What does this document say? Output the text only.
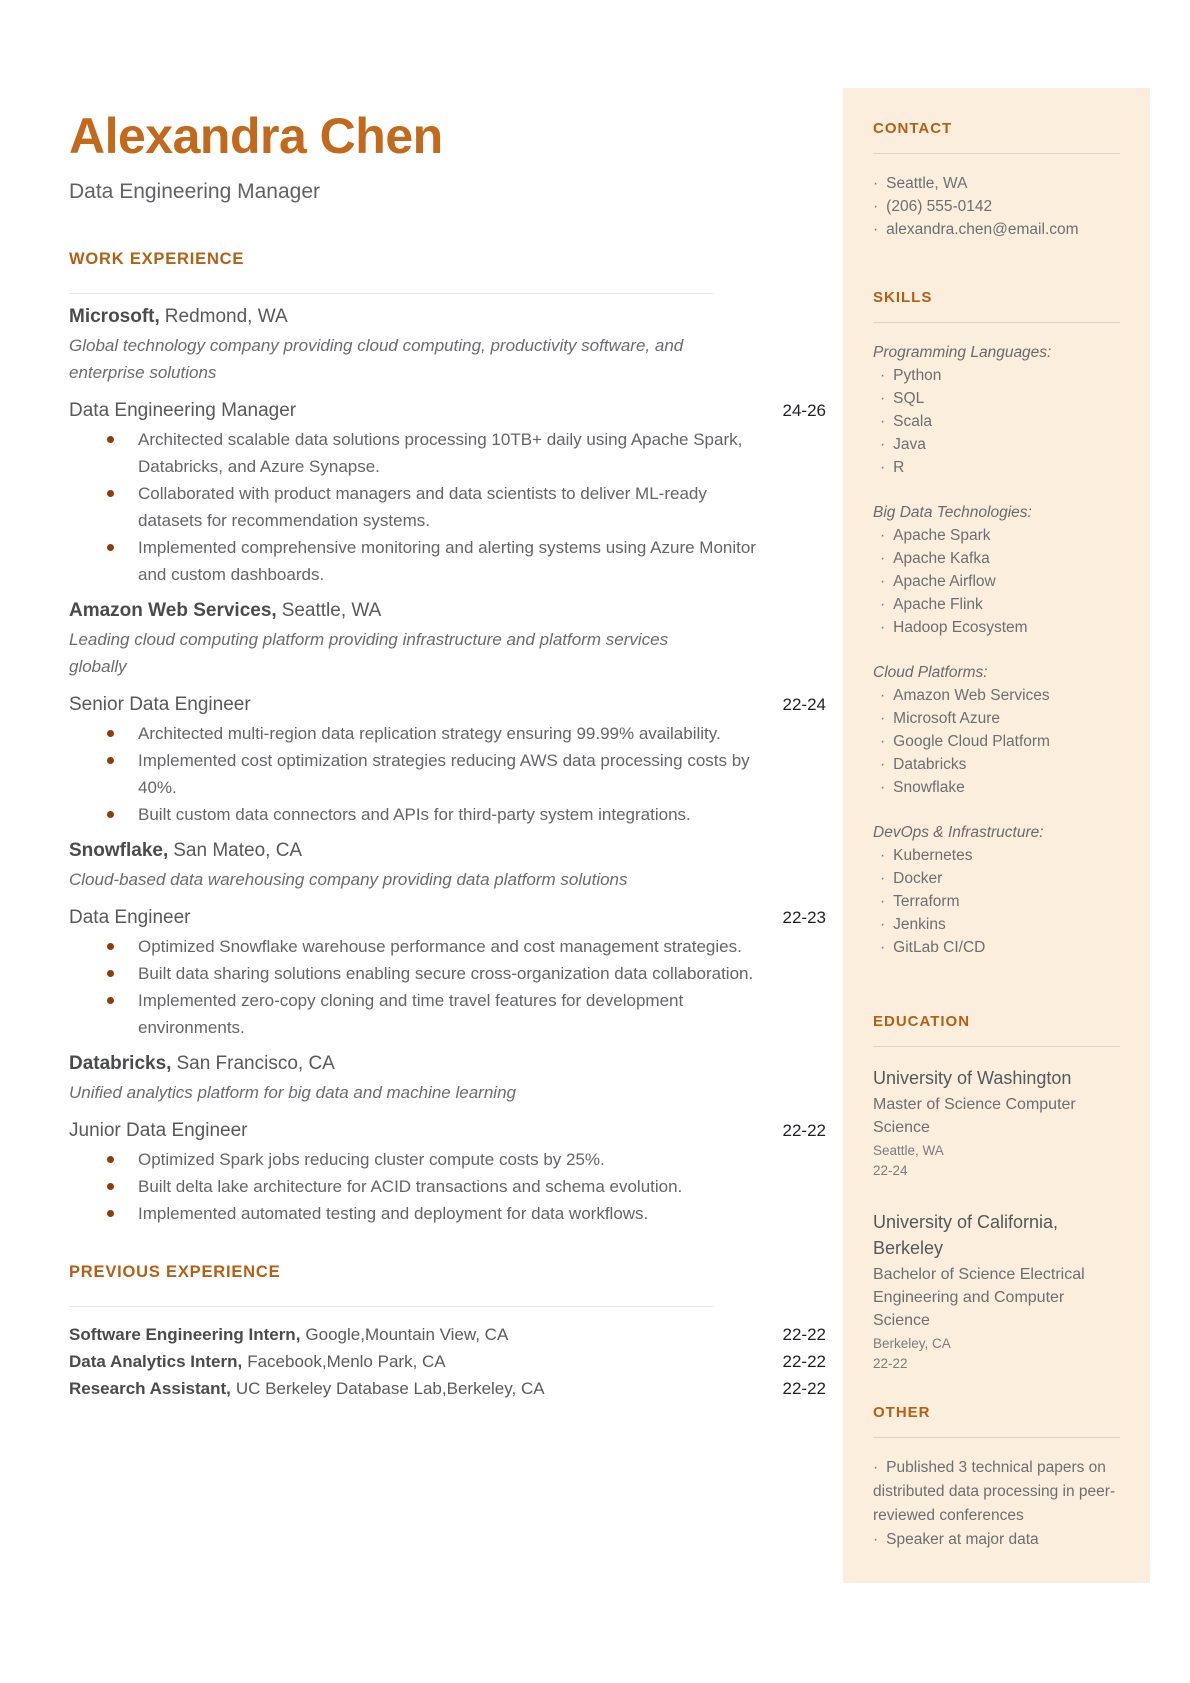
Alexandra Chen
Data Engineering Manager
WORK EXPERIENCE
Microsoft, Redmond, WA
Global technology company providing cloud computing, productivity software, and enterprise solutions
Data Engineering Manager	24-26
Architected scalable data solutions processing 10TB+ daily using Apache Spark, Databricks, and Azure Synapse.
Collaborated with product managers and data scientists to deliver ML-ready datasets for recommendation systems.
Implemented comprehensive monitoring and alerting systems using Azure Monitor and custom dashboards.
Amazon Web Services, Seattle, WA
Leading cloud computing platform providing infrastructure and platform services globally
Senior Data Engineer	22-24
Architected multi-region data replication strategy ensuring 99.99% availability.
Implemented cost optimization strategies reducing AWS data processing costs by 40%.
Built custom data connectors and APIs for third-party system integrations.
Snowflake, San Mateo, CA
Cloud-based data warehousing company providing data platform solutions
Data Engineer	22-23
Optimized Snowflake warehouse performance and cost management strategies.
Built data sharing solutions enabling secure cross-organization data collaboration.
Implemented zero-copy cloning and time travel features for development environments.
Databricks, San Francisco, CA
Unified analytics platform for big data and machine learning
Junior Data Engineer	22-22
Optimized Spark jobs reducing cluster compute costs by 25%.
Built delta lake architecture for ACID transactions and schema evolution.
Implemented automated testing and deployment for data workflows.
PREVIOUS EXPERIENCE
Software Engineering Intern, Google,Mountain View, CA	22-22
Data Analytics Intern, Facebook,Menlo Park, CA	22-22
Research Assistant, UC Berkeley Database Lab,Berkeley, CA	22-22
CONTACT
· Seattle, WA
· (206) 555-0142
· alexandra.chen@email.com
SKILLS
Programming Languages:
· Python
· SQL
· Scala
· Java
· R
Big Data Technologies:
· Apache Spark
· Apache Kafka
· Apache Airflow
· Apache Flink
· Hadoop Ecosystem
Cloud Platforms:
· Amazon Web Services
· Microsoft Azure
· Google Cloud Platform
· Databricks
· Snowflake
DevOps & Infrastructure:
· Kubernetes
· Docker
· Terraform
· Jenkins
· GitLab CI/CD
EDUCATION
University of Washington
Master of Science Computer Science
Seattle, WA
22-24
University of California, Berkeley
Bachelor of Science Electrical Engineering and Computer Science
Berkeley, CA
22-22
OTHER
· Published 3 technical papers on distributed data processing in peer-reviewed conferences
· Speaker at major data
